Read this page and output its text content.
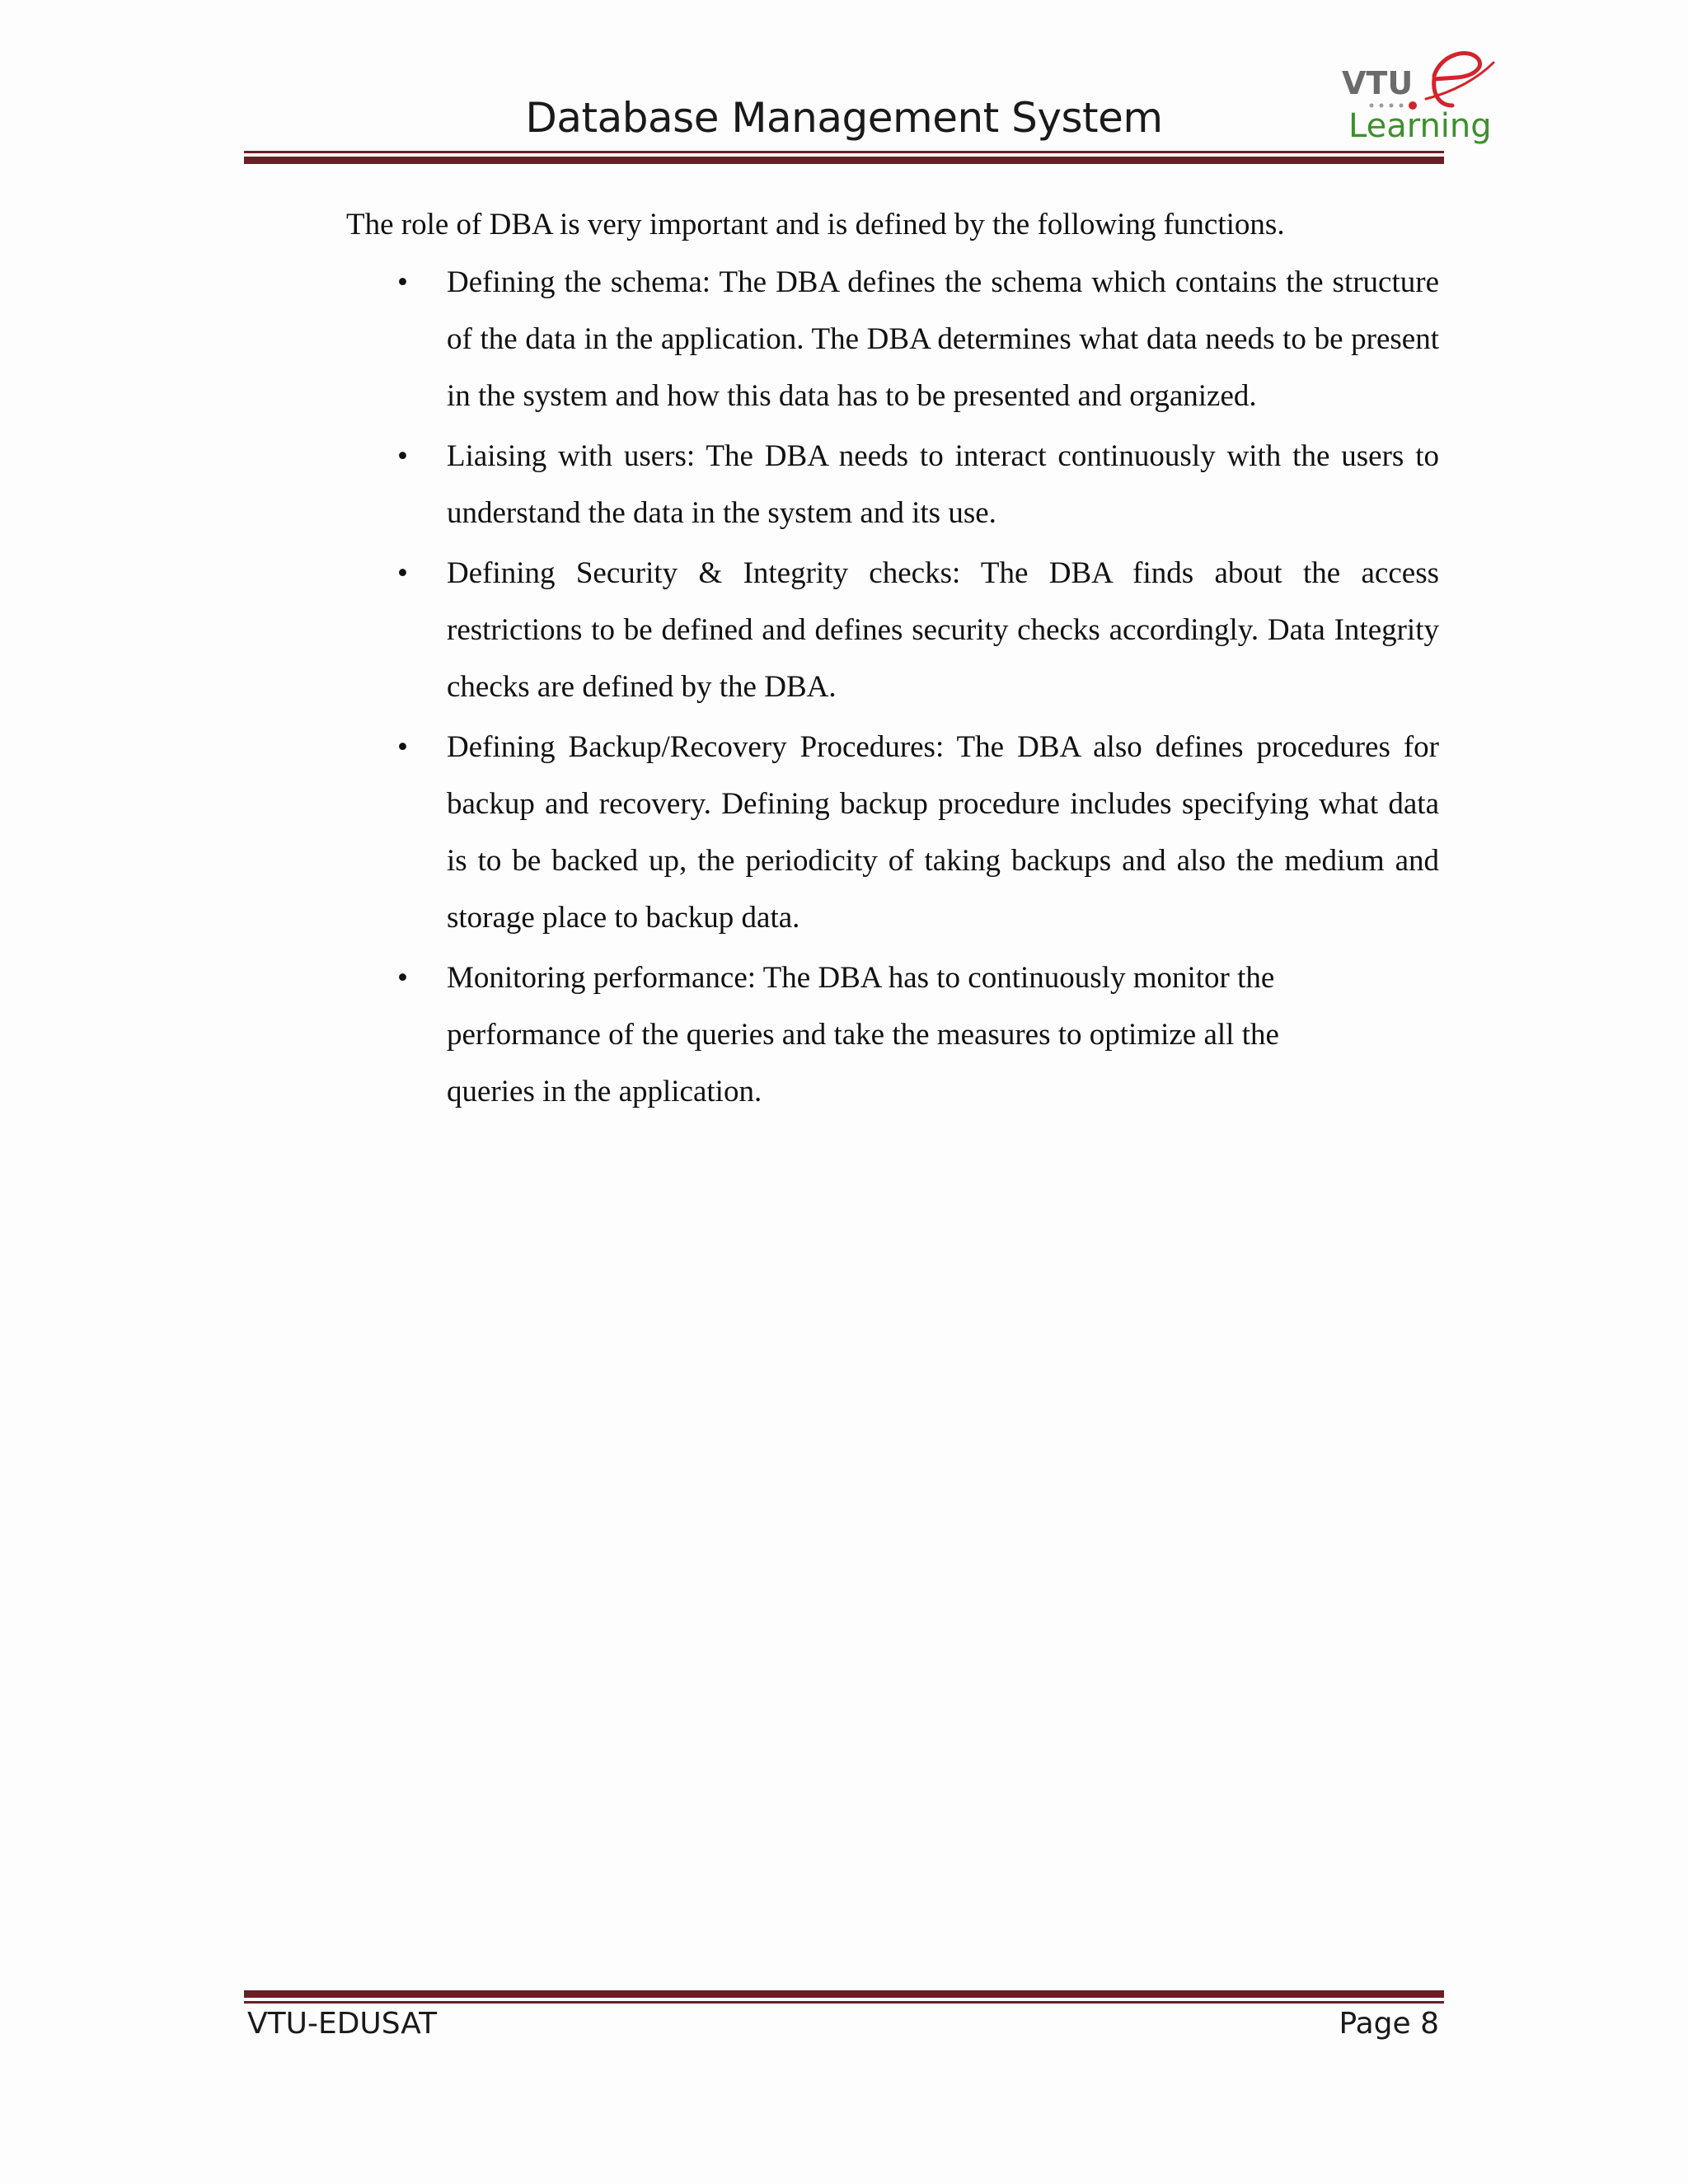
Database Management System
VTU
Learning
The role of DBA is very important and is defined by the following functions.
• Defining the schema: The DBA defines the schema which contains the structure of the data in the application. The DBA determines what data needs to be present in the system and how this data has to be presented and organized.
• Liaising with users: The DBA needs to interact continuously with the users to understand the data in the system and its use.
• Defining Security & Integrity checks: The DBA finds about the access restrictions to be defined and defines security checks accordingly. Data Integrity checks are defined by the DBA.
• Defining Backup/Recovery Procedures: The DBA also defines procedures for backup and recovery. Defining backup procedure includes specifying what data is to be backed up, the periodicity of taking backups and also the medium and storage place to backup data.
• Monitoring performance: The DBA has to continuously monitor the performance of the queries and take the measures to optimize all the queries in the application.
VTU-EDUSAT	Page 8
